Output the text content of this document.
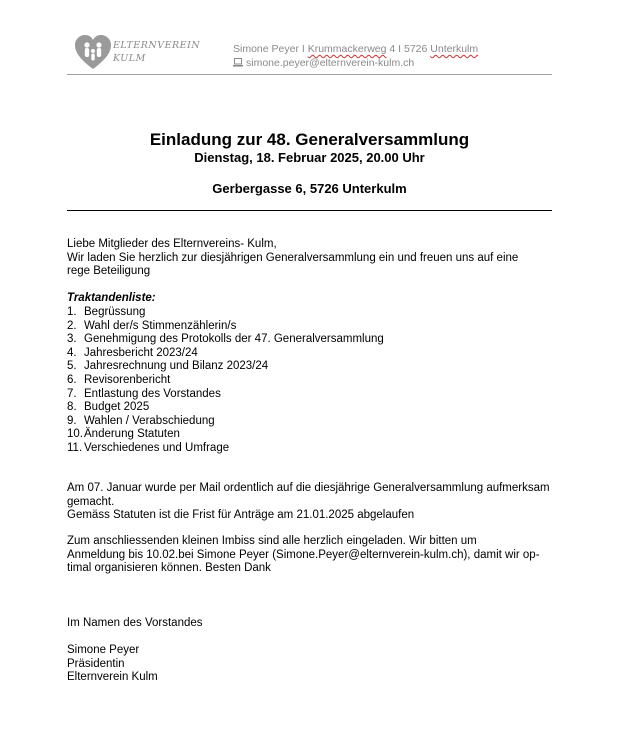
ELTERNVEREIN
KULM
Simone Peyer I Krummackerweg 4 I 5726 Unterkulm
simone.peyer@elternverein-kulm.ch
Einladung zur 48. Generalversammlung
Dienstag, 18. Februar 2025, 20.00 Uhr
Gerbergasse 6, 5726 Unterkulm
Liebe Mitglieder des Elternvereins- Kulm,
Wir laden Sie herzlich zur diesjährigen Generalversammlung ein und freuen uns auf eine
rege Beteiligung
Traktandenliste:
1. Begrüssung
2. Wahl der/s Stimmenzählerin/s
3. Genehmigung des Protokolls der 47. Generalversammlung
4. Jahresbericht 2023/24
5. Jahresrechnung und Bilanz 2023/24
6. Revisorenbericht
7. Entlastung des Vorstandes
8. Budget 2025
9. Wahlen / Verabschiedung
10.Änderung Statuten
11. Verschiedenes und Umfrage
Am 07. Januar wurde per Mail ordentlich auf die diesjährige Generalversammlung aufmerksam
gemacht.
Gemäss Statuten ist die Frist für Anträge am 21.01.2025 abgelaufen
Zum anschliessenden kleinen Imbiss sind alle herzlich eingeladen. Wir bitten um
Anmeldung bis 10.02.bei Simone Peyer (Simone.Peyer@elternverein-kulm.ch), damit wir op-
timal organisieren können. Besten Dank
Im Namen des Vorstandes
Simone Peyer
Präsidentin
Elternverein Kulm
